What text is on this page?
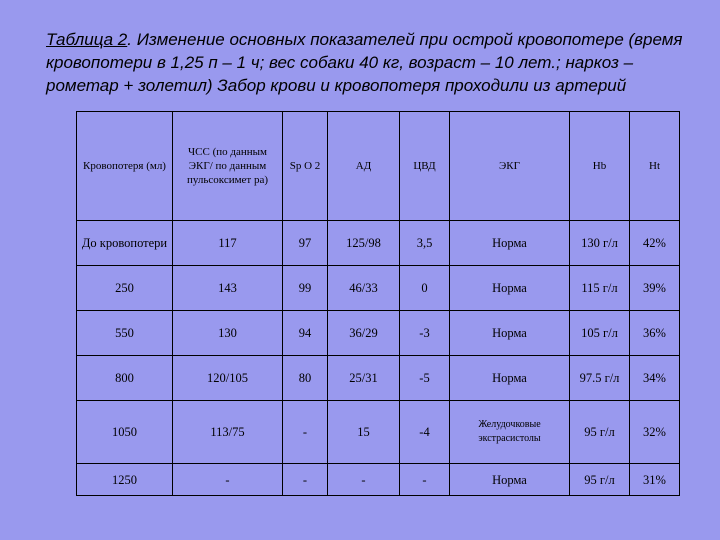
Таблица 2. Изменение основных показателей при острой кровопотере (время кровопотери в 1,25 п – 1 ч; вес собаки 40 кг, возраст – 10 лет.; наркоз – рометар + золетил) Забор крови и кровопотеря проходили из артерий
Кровопотеря (мл)	ЧСС (по данным ЭКГ/ по данным пульсоксимет ра)	Sp O 2	АД	ЦВД	ЭКГ	Hb	Ht
До кровопотери	117	97	125/98	3,5	Норма	130 г/л	42%
250	143	99	46/33	0	Норма	115 г/л	39%
550	130	94	36/29	-3	Норма	105 г/л	36%
800	120/105	80	25/31	-5	Норма	97.5 г/л	34%
1050	113/75	-	15	-4	Желудочковые экстрасистолы	95 г/л	32%
1250	-	-	-	-	Норма	95 г/л	31%
